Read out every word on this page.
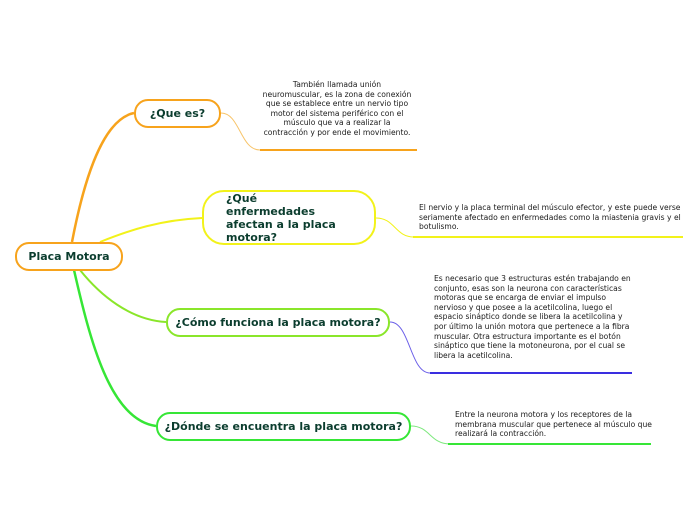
Placa Motora
¿Que es?
También llamada unión neuromuscular, es la zona de conexión que se establece entre un nervio tipo motor del sistema periférico con el músculo que va a realizar la contracción y por ende el movimiento.
¿Qué enfermedades afectan a la placa motora?
El nervio y la placa terminal del músculo efector, y este puede verse seriamente afectado en enfermedades como la miastenia gravis y el botulismo.
¿Cómo funciona la placa motora?
Es necesario que 3 estructuras estén trabajando en conjunto, esas son la neurona con características motoras que se encarga de enviar el impulso nervioso y que posee a la acetilcolina, luego el espacio sináptico donde se libera la acetilcolina y por último la unión motora que pertenece a la fibra muscular. Otra estructura importante es el botón sináptico que tiene la motoneurona, por el cual se libera la acetilcolina.
¿Dónde se encuentra la placa motora?
Entre la neurona motora y los receptores de la membrana muscular que pertenece al músculo que realizará la contracción.
